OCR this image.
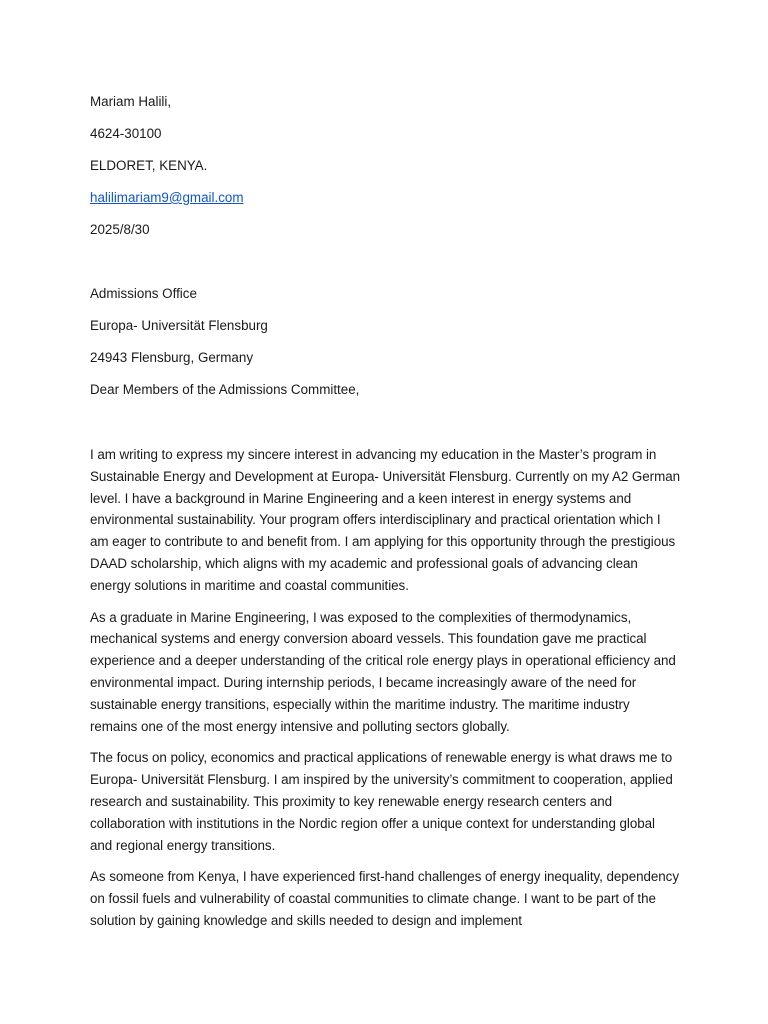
Mariam Halili,
4624-30100
ELDORET, KENYA.
halilimariam9@gmail.com
2025/8/30
Admissions Office
Europa- Universität Flensburg
24943 Flensburg, Germany
Dear Members of the Admissions Committee,

I am writing to express my sincere interest in advancing my education in the Master’s program in Sustainable Energy and Development at Europa- Universität Flensburg. Currently on my A2 German level. I have a background in Marine Engineering and a keen interest in energy systems and environmental sustainability. Your program offers interdisciplinary and practical orientation which I am eager to contribute to and benefit from. I am applying for this opportunity through the prestigious DAAD scholarship, which aligns with my academic and professional goals of advancing clean energy solutions in maritime and coastal communities.

As a graduate in Marine Engineering, I was exposed to the complexities of thermodynamics, mechanical systems and energy conversion aboard vessels. This foundation gave me practical experience and a deeper understanding of the critical role energy plays in operational efficiency and environmental impact. During internship periods, I became increasingly aware of the need for sustainable energy transitions, especially within the maritime industry. The maritime industry remains one of the most energy intensive and polluting sectors globally.

The focus on policy, economics and practical applications of renewable energy is what draws me to Europa- Universität Flensburg. I am inspired by the university’s commitment to cooperation, applied research and sustainability. This proximity to key renewable energy research centers and collaboration with institutions in the Nordic region offer a unique context for understanding global and regional energy transitions.

As someone from Kenya, I have experienced first-hand challenges of energy inequality, dependency on fossil fuels and vulnerability of coastal communities to climate change. I want to be part of the solution by gaining knowledge and skills needed to design and implement
